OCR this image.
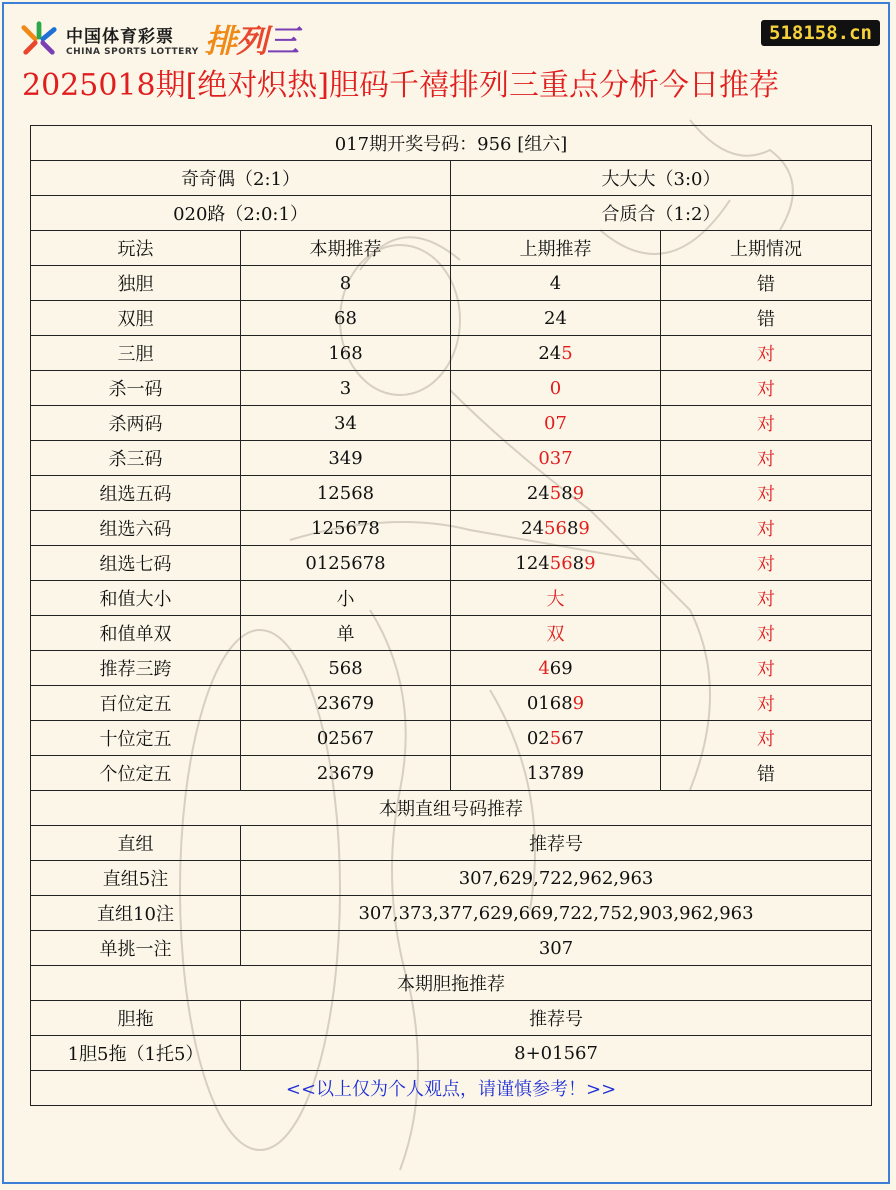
中国体育彩票
CHINA SPORTS LOTTERY 排列三	518158.cn
2025018期[绝对炽热]胆码千禧排列三重点分析今日推荐
017期开奖号码：956 [组六]			
奇奇偶（2:1）		大大大（3:0）	
020路（2:0:1）		合质合（1:2）	
玩法	本期推荐	上期推荐	上期情况
独胆	8	4	错
双胆	68	24	错
三胆	168	245	对
杀一码	3	0	对
杀两码	34	07	对
杀三码	349	037	对
组选五码	12568	24589	对
组选六码	125678	245689	对
组选七码	0125678	1245689	对
和值大小	小	大	对
和值单双	单	双	对
推荐三跨	568	469	对
百位定五	23679	01689	对
十位定五	02567	02567	对
个位定五	23679	13789	错
本期直组号码推荐			
直组	推荐号		
直组5注	307,629,722,962,963		
直组10注	307,373,377,629,669,722,752,903,962,963		
单挑一注	307		
本期胆拖推荐			
胆拖	推荐号		
1胆5拖（1托5）	8+01567		
<<以上仅为个人观点，请谨慎参考！>>			
